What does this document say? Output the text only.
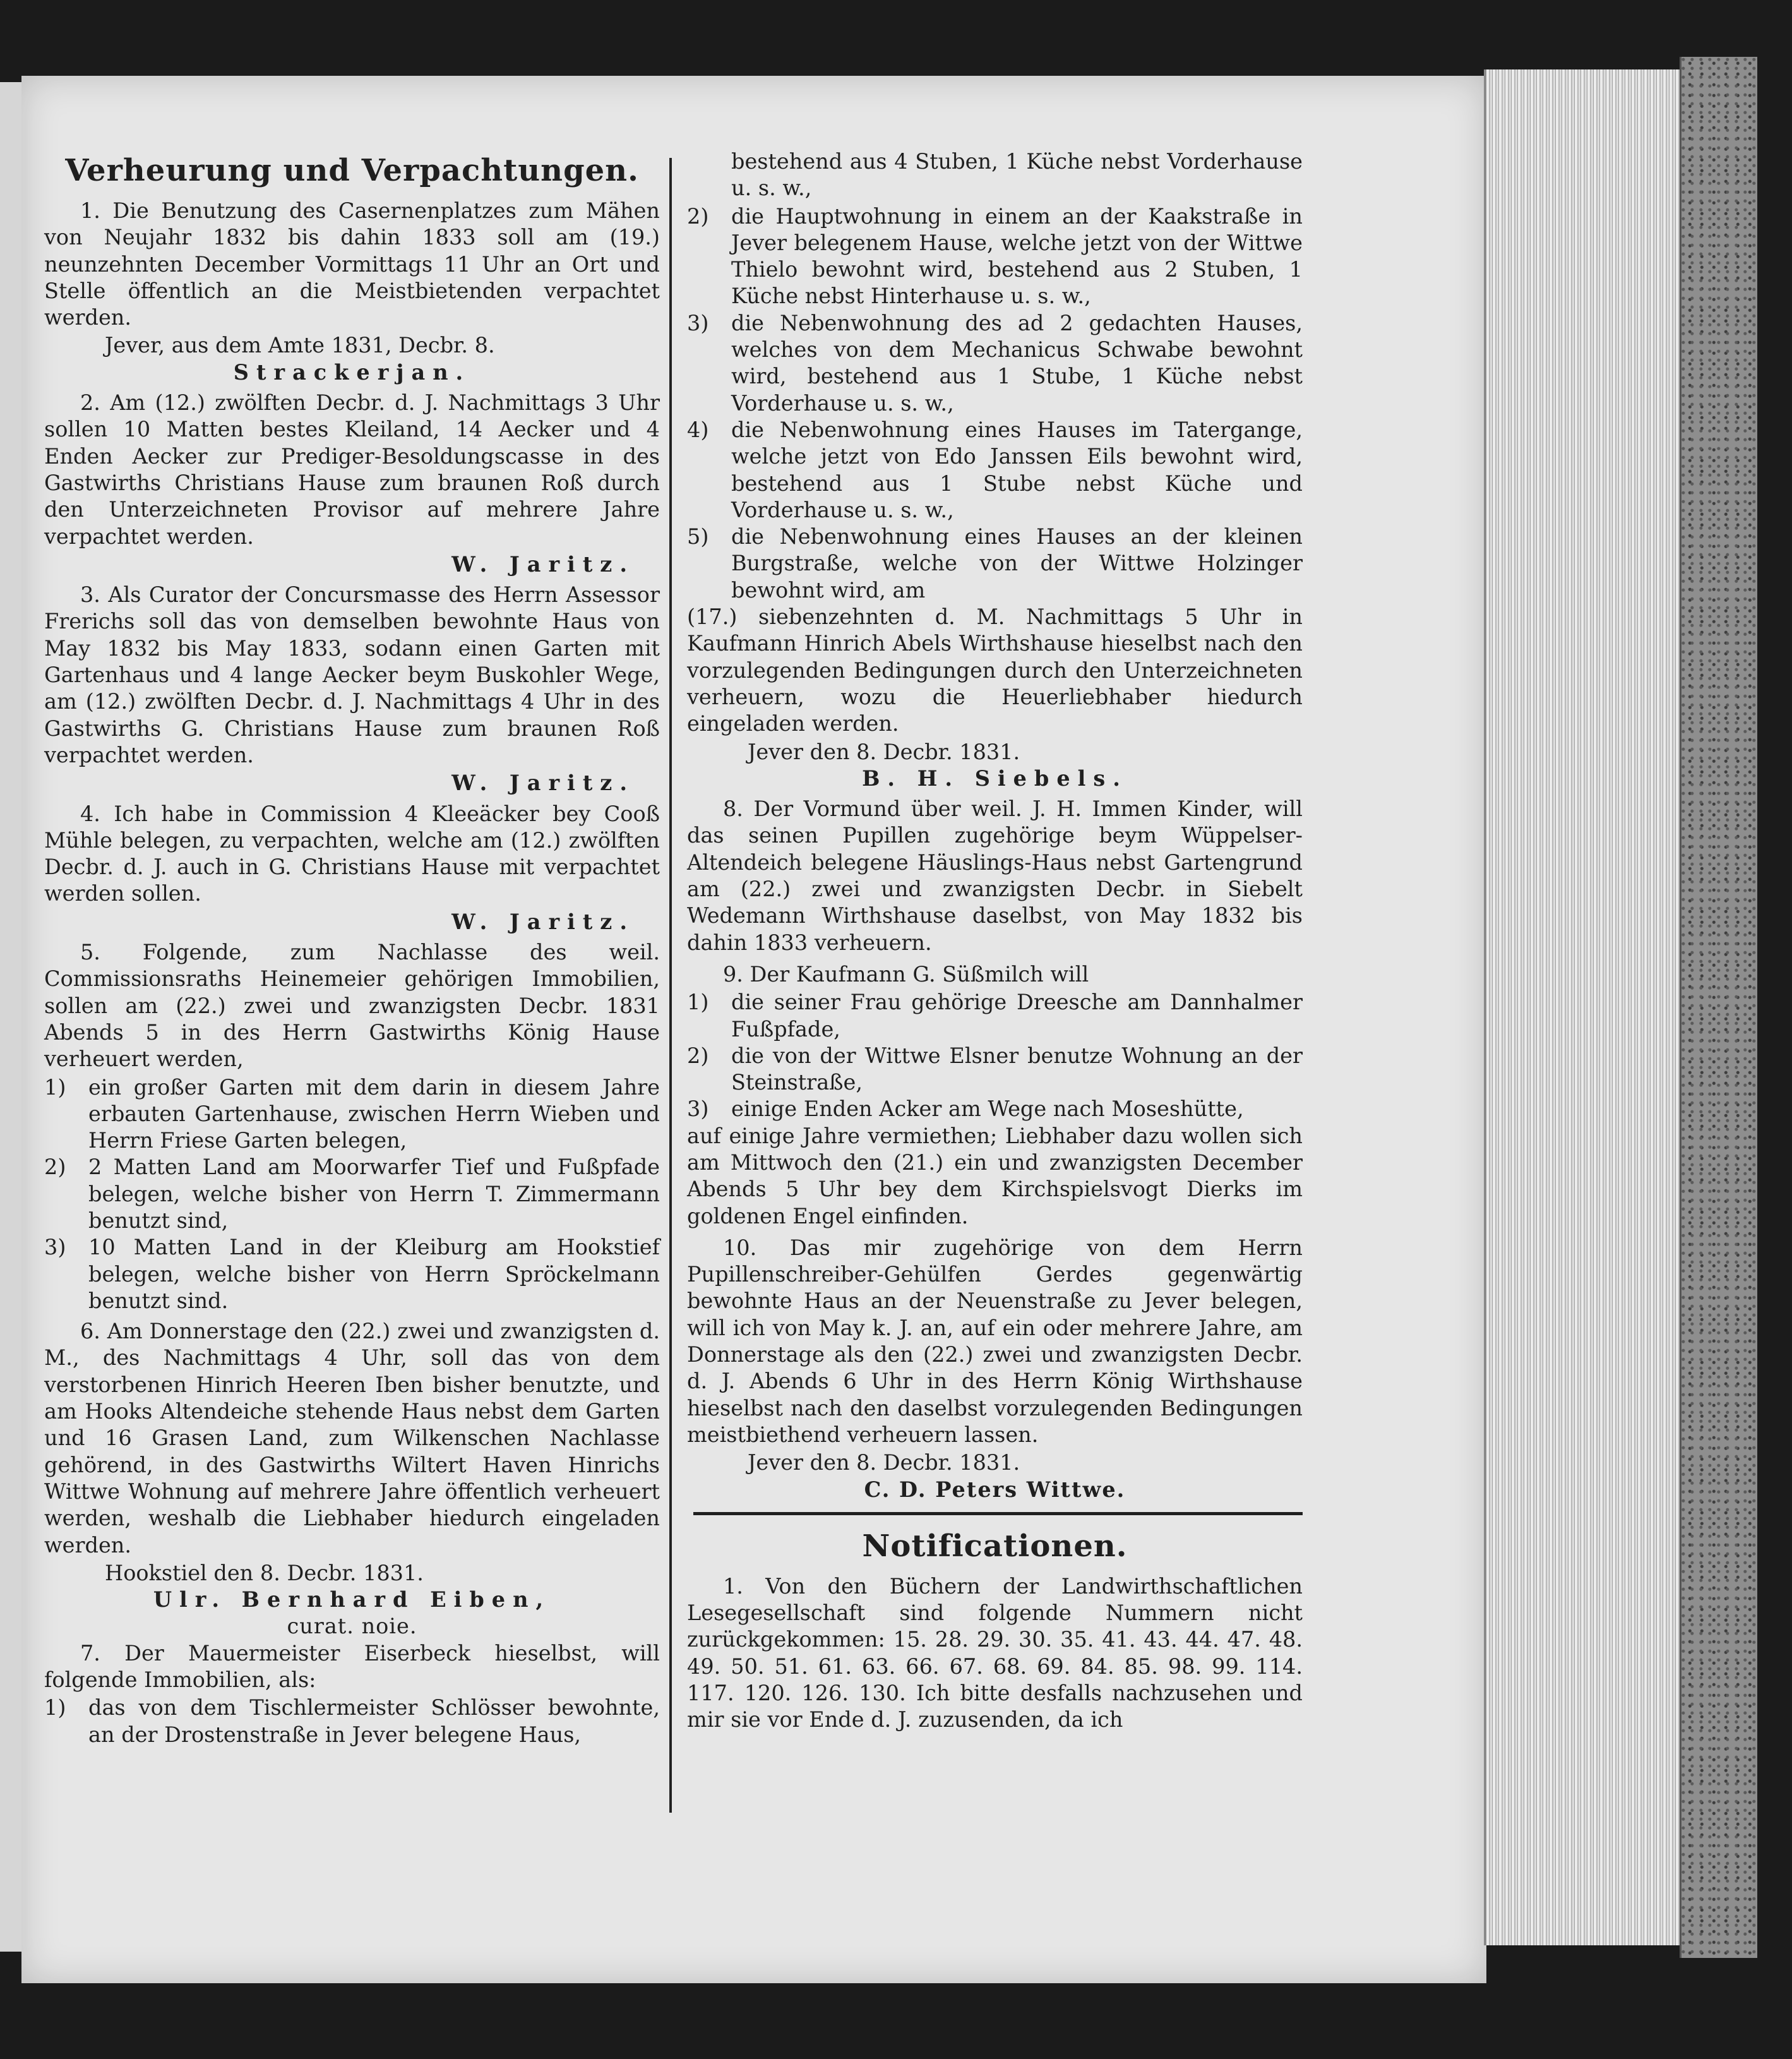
Verheurung und Verpachtungen.

1. Die Benutzung des Casernenplatzes zum Mähen von Neujahr 1832 bis dahin 1833 soll am (19.) neunzehnten December Vormittags 11 Uhr an Ort und Stelle öffentlich an die Meistbietenden verpachtet werden.

Jever, aus dem Amte 1831, Decbr. 8.
Strackerjan.

2. Am (12.) zwölften Decbr. d. J. Nachmittags 3 Uhr sollen 10 Matten bestes Kleiland, 14 Aecker und 4 Enden Aecker zur Prediger-Besoldungscasse in des Gastwirths Christians Hause zum braunen Roß durch den Unterzeichneten Provisor auf mehrere Jahre verpachtet werden.

W. Jaritz.

3. Als Curator der Concursmasse des Herrn Assessor Frerichs soll das von demselben bewohnte Haus von May 1832 bis May 1833, sodann einen Garten mit Gartenhaus und 4 lange Aecker beym Buskohler Wege, am (12.) zwölften Decbr. d. J. Nachmittags 4 Uhr in des Gastwirths G. Christians Hause zum braunen Roß verpachtet werden.

W. Jaritz.

4. Ich habe in Commission 4 Kleeäcker bey Cooß Mühle belegen, zu verpachten, welche am (12.) zwölften Decbr. d. J. auch in G. Christians Hause mit verpachtet werden sollen.

W. Jaritz.

5. Folgende, zum Nachlasse des weil. Commissionsraths Heinemeier gehörigen Immobilien, sollen am (22.) zwei und zwanzigsten Decbr. 1831 Abends 5 in des Herrn Gastwirths König Hause verheuert werden,

1)	ein großer Garten mit dem darin in diesem Jahre erbauten Gartenhause, zwischen Herrn Wieben und Herrn Friese Garten belegen,
2)	2 Matten Land am Moorwarfer Tief und Fußpfade belegen, welche bisher von Herrn T. Zimmermann benutzt sind,
3)	10 Matten Land in der Kleiburg am Hookstief belegen, welche bisher von Herrn Spröckelmann benutzt sind.

6. Am Donnerstage den (22.) zwei und zwanzigsten d. M., des Nachmittags 4 Uhr, soll das von dem verstorbenen Hinrich Heeren Iben bisher benutzte, und am Hooks Altendeiche stehende Haus nebst dem Garten und 16 Grasen Land, zum Wilkenschen Nachlasse gehörend, in des Gastwirths Wiltert Haven Hinrichs Wittwe Wohnung auf mehrere Jahre öffentlich verheuert werden, weshalb die Liebhaber hiedurch eingeladen werden.

Hookstiel den 8. Decbr. 1831.
Ulr. Bernhard Eiben,
curat. noie.

7. Der Mauermeister Eiserbeck hieselbst, will folgende Immobilien, als:

1)	das von dem Tischlermeister Schlösser bewohnte, an der Drostenstraße in Jever belegene Haus,

bestehend aus 4 Stuben, 1 Küche nebst Vorderhause u. s. w.,

2)	die Hauptwohnung in einem an der Kaakstraße in Jever belegenem Hause, welche jetzt von der Wittwe Thielo bewohnt wird, bestehend aus 2 Stuben, 1 Küche nebst Hinterhause u. s. w.,
3)	die Nebenwohnung des ad 2 gedachten Hauses, welches von dem Mechanicus Schwabe bewohnt wird, bestehend aus 1 Stube, 1 Küche nebst Vorderhause u. s. w.,
4)	die Nebenwohnung eines Hauses im Tatergange, welche jetzt von Edo Janssen Eils bewohnt wird, bestehend aus 1 Stube nebst Küche und Vorderhause u. s. w.,
5)	die Nebenwohnung eines Hauses an der kleinen Burgstraße, welche von der Wittwe Holzinger bewohnt wird, am

(17.) siebenzehnten d. M. Nachmittags 5 Uhr in Kaufmann Hinrich Abels Wirthshause hieselbst nach den vorzulegenden Bedingungen durch den Unterzeichneten verheuern, wozu die Heuerliebhaber hiedurch eingeladen werden.

Jever den 8. Decbr. 1831.
B. H. Siebels.

8. Der Vormund über weil. J. H. Immen Kinder, will das seinen Pupillen zugehörige beym Wüppelser-Altendeich belegene Häuslings-Haus nebst Gartengrund am (22.) zwei und zwanzigsten Decbr. in Siebelt Wedemann Wirthshause daselbst, von May 1832 bis dahin 1833 verheuern.

9. Der Kaufmann G. Süßmilch will

1)	die seiner Frau gehörige Dreesche am Dannhalmer Fußpfade,
2)	die von der Wittwe Elsner benutze Wohnung an der Steinstraße,
3)	einige Enden Acker am Wege nach Moseshütte,

auf einige Jahre vermiethen; Liebhaber dazu wollen sich am Mittwoch den (21.) ein und zwanzigsten December Abends 5 Uhr bey dem Kirchspielsvogt Dierks im goldenen Engel einfinden.

10. Das mir zugehörige von dem Herrn Pupillenschreiber-Gehülfen Gerdes gegenwärtig bewohnte Haus an der Neuenstraße zu Jever belegen, will ich von May k. J. an, auf ein oder mehrere Jahre, am Donnerstage als den (22.) zwei und zwanzigsten Decbr. d. J. Abends 6 Uhr in des Herrn König Wirthshause hieselbst nach den daselbst vorzulegenden Bedingungen meistbiethend verheuern lassen.

Jever den 8. Decbr. 1831.
C. D. Peters Wittwe.
Notificationen.

1. Von den Büchern der Landwirthschaftlichen Lesegesellschaft sind folgende Nummern nicht zurückgekommen: 15. 28. 29. 30. 35. 41. 43. 44. 47. 48. 49. 50. 51. 61. 63. 66. 67. 68. 69. 84. 85. 98. 99. 114. 117. 120. 126. 130. Ich bitte desfalls nachzusehen und mir sie vor Ende d. J. zuzusenden, da ich
